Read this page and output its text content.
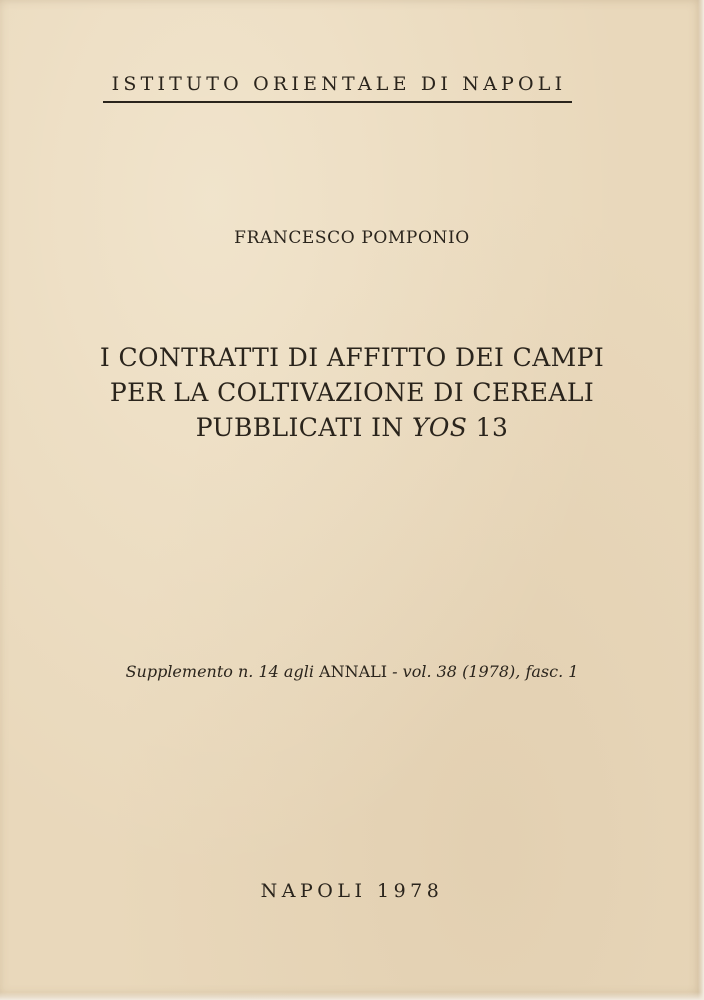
ISTITUTO ORIENTALE DI NAPOLI
FRANCESCO POMPONIO
I CONTRATTI DI AFFITTO DEI CAMPI
PER LA COLTIVAZIONE DI CEREALI
PUBBLICATI IN YOS 13
Supplemento n. 14 agli ANNALI - vol. 38 (1978), fasc. 1
NAPOLI 1978
